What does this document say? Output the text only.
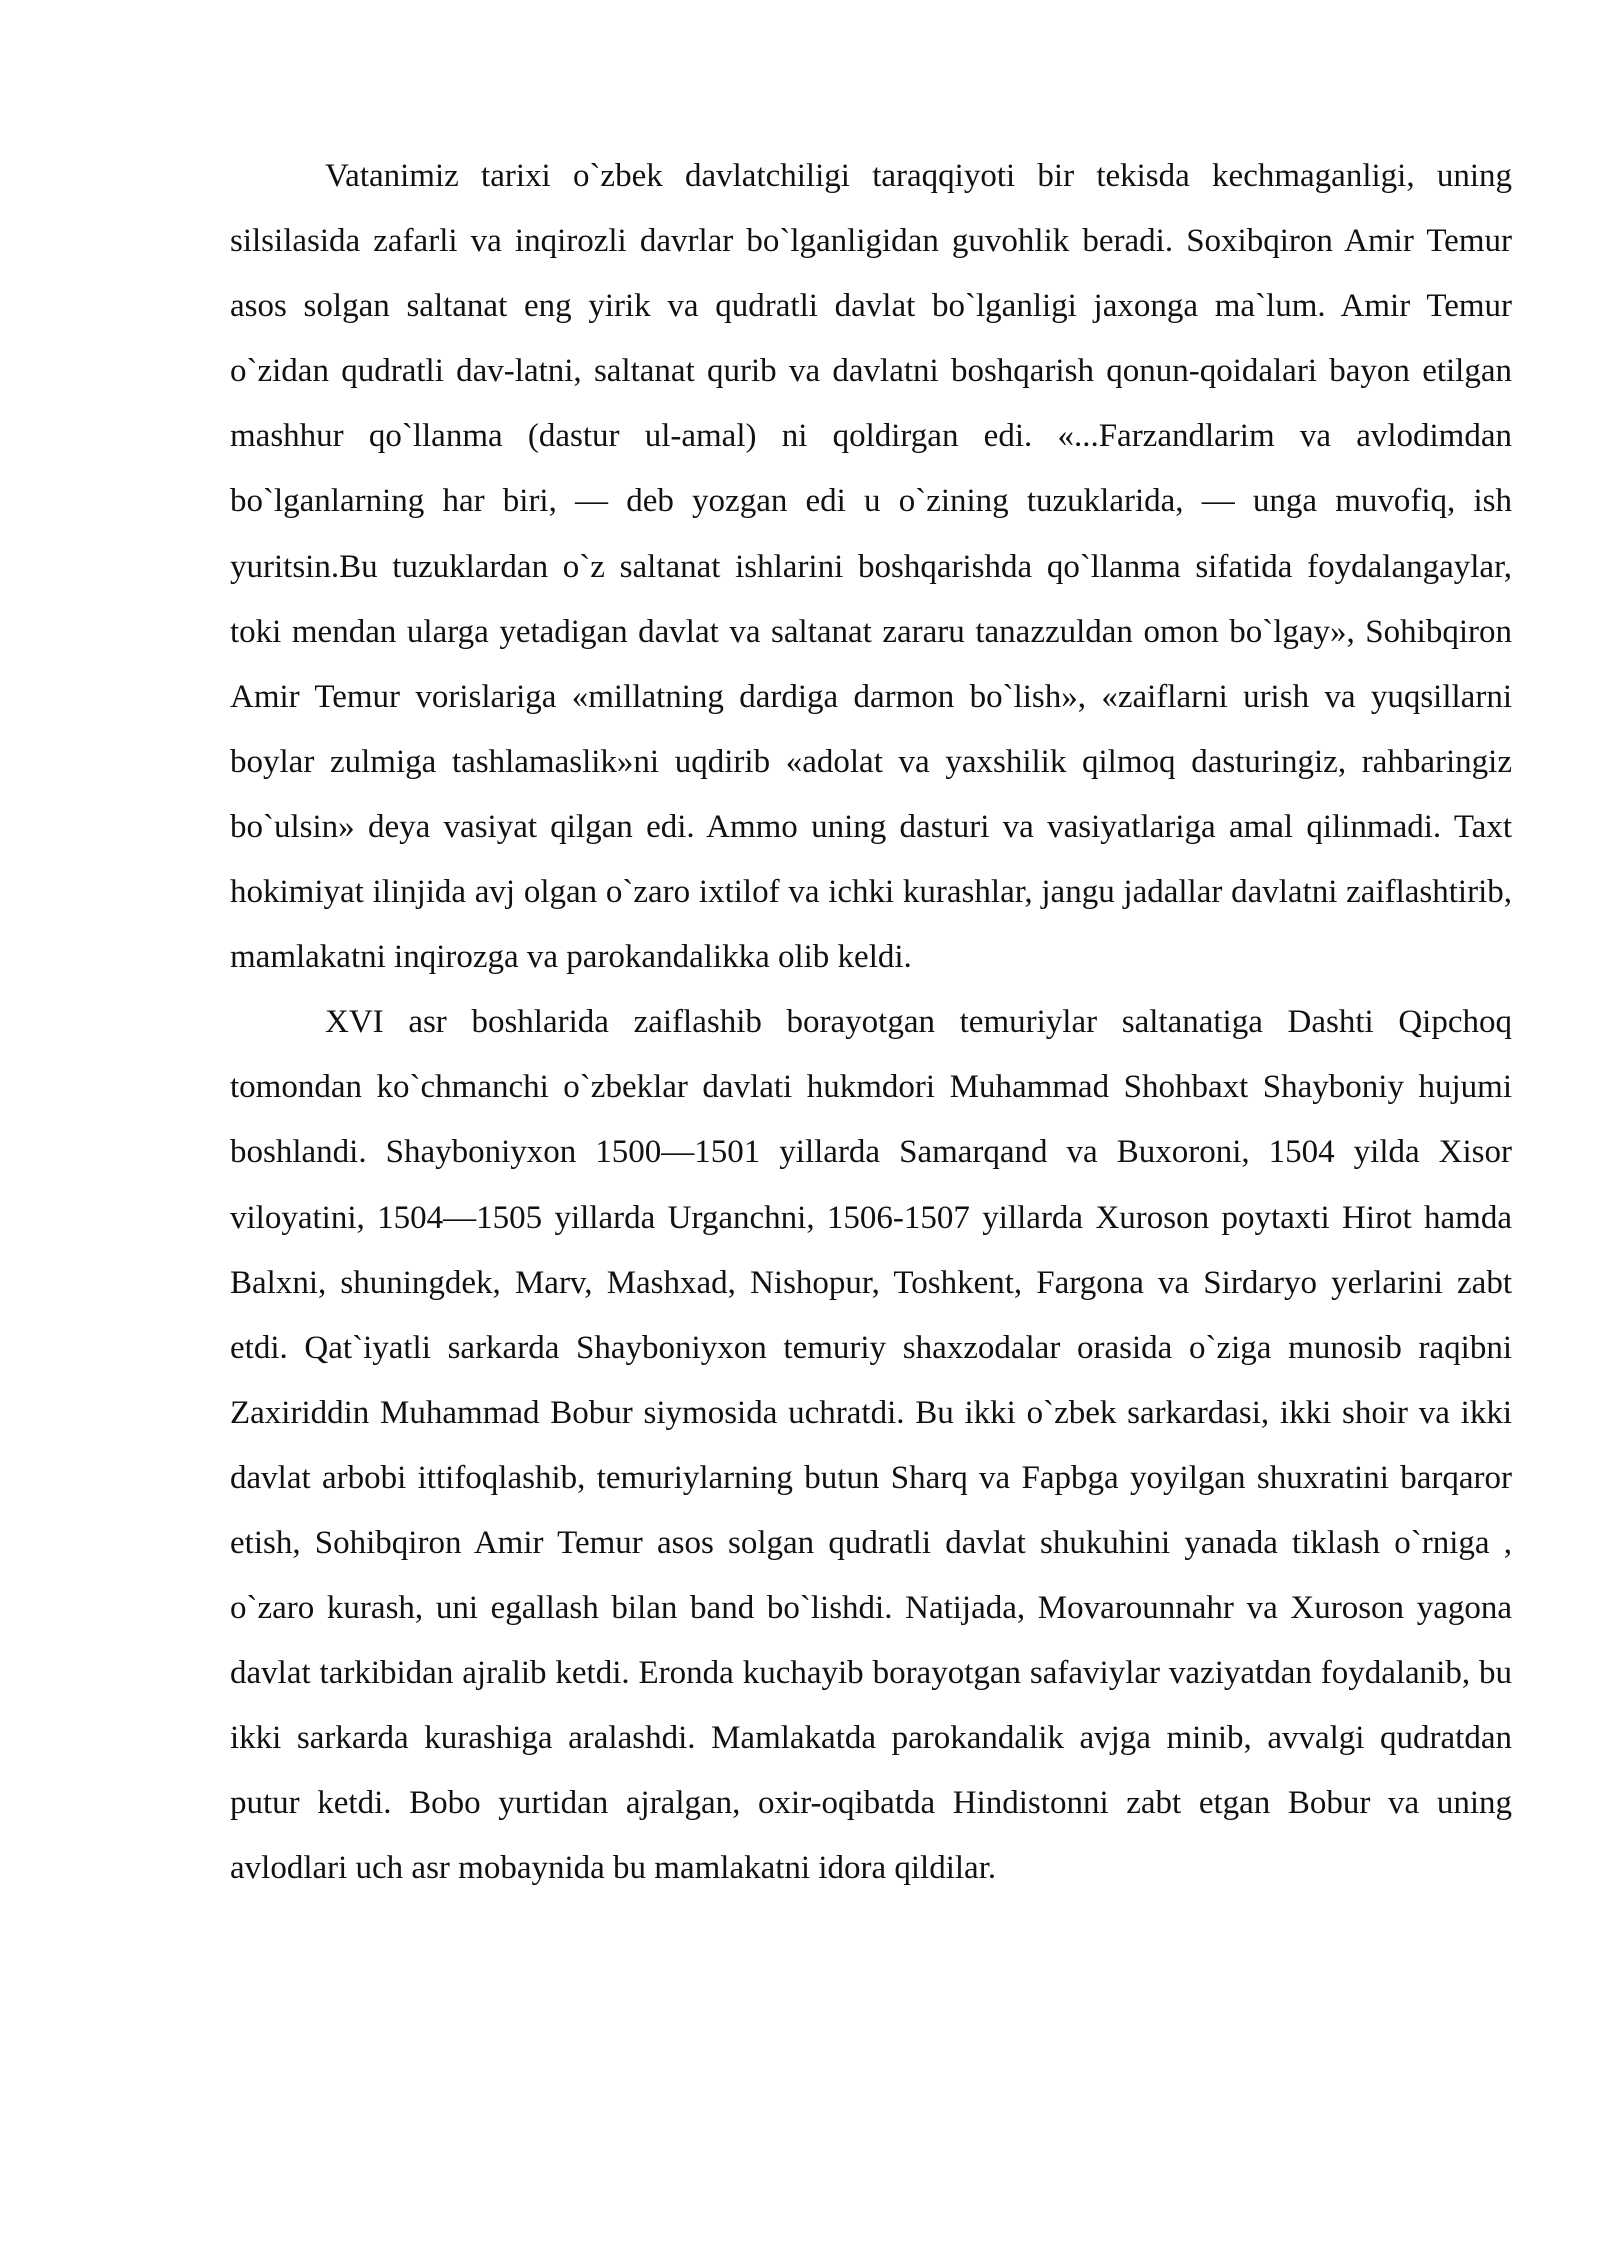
Vatanimiz tarixi o`zbek davlatchiligi taraqqiyoti bir tekisda kechmaganligi, uning silsilasida zafarli va inqirozli davrlar bo`lganligidan guvohlik beradi. Soxibqiron Amir Temur asos solgan saltanat eng yirik va qudratli davlat bo`lganligi jaxonga ma`lum. Amir Temur o`zidan qudratli dav-latni, saltanat qurib va davlatni boshqarish qonun-qoidalari bayon etilgan mashhur qo`llanma (dastur ul-amal) ni qoldirgan edi. «...Farzandlarim va avlodimdan bo`lganlarning har biri, — deb yozgan edi u o`zining tuzuklarida, — unga muvofiq, ish yuritsin.Bu tuzuklardan o`z saltanat ishlarini boshqarishda qo`llanma sifatida foydalangaylar, toki mendan ularga yetadigan davlat va saltanat zararu tanazzuldan omon bo`lgay», Sohibqiron Amir Temur vorislariga «millatning dardiga darmon bo`lish», «zaiflarni urish va yuqsillarni boylar zulmiga tashlamaslik»ni uqdirib «adolat va yaxshilik qilmoq dasturingiz, rahbaringiz bo`ulsin» deya vasiyat qilgan edi. Ammo uning dasturi va vasiyatlariga amal qilinmadi. Taxt hokimiyat ilinjida avj olgan o`zaro ixtilof va ichki kurashlar, jangu jadallar davlatni zaiflashtirib, mamlakatni inqirozga va parokandalikka olib keldi.

XVI asr boshlarida zaiflashib borayotgan temuriylar saltanatiga Dashti Qipchoq tomondan ko`chmanchi o`zbeklar davlati hukmdori Muhammad Shohbaxt Shayboniy hujumi boshlandi. Shayboniyxon 1500—1501 yillarda Samarqand va Buxoroni, 1504 yilda Xisor viloyatini, 1504—1505 yillarda Urganchni, 1506-1507 yillarda Xuroson poytaxti Hirot hamda Balxni, shuningdek, Marv, Mashxad, Nishopur, Toshkent, Fargona va Sirdaryo yerlarini zabt etdi. Qat`iyatli sarkarda Shayboniyxon temuriy shaxzodalar orasida o`ziga munosib raqibni Zaxiriddin Muhammad Bobur siymosida uchratdi. Bu ikki o`zbek sarkardasi, ikki shoir va ikki davlat arbobi ittifoqlashib, temuriylarning butun Sharq va Fapbga yoyilgan shuxratini barqaror etish, Sohibqiron Amir Temur asos solgan qudratli davlat shukuhini yanada tiklash o`rniga , o`zaro kurash, uni egallash bilan band bo`lishdi. Natijada, Movarounnahr va Xuroson yagona davlat tarkibidan ajralib ketdi. Eronda kuchayib borayotgan safaviylar vaziyatdan foydalanib, bu ikki sarkarda kurashiga aralashdi. Mamlakatda parokandalik avjga minib, avvalgi qudratdan putur ketdi. Bobo yurtidan ajralgan, oxir-oqibatda Hindistonni zabt etgan Bobur va uning avlodlari uch asr mobaynida bu mamlakatni idora qildilar.
